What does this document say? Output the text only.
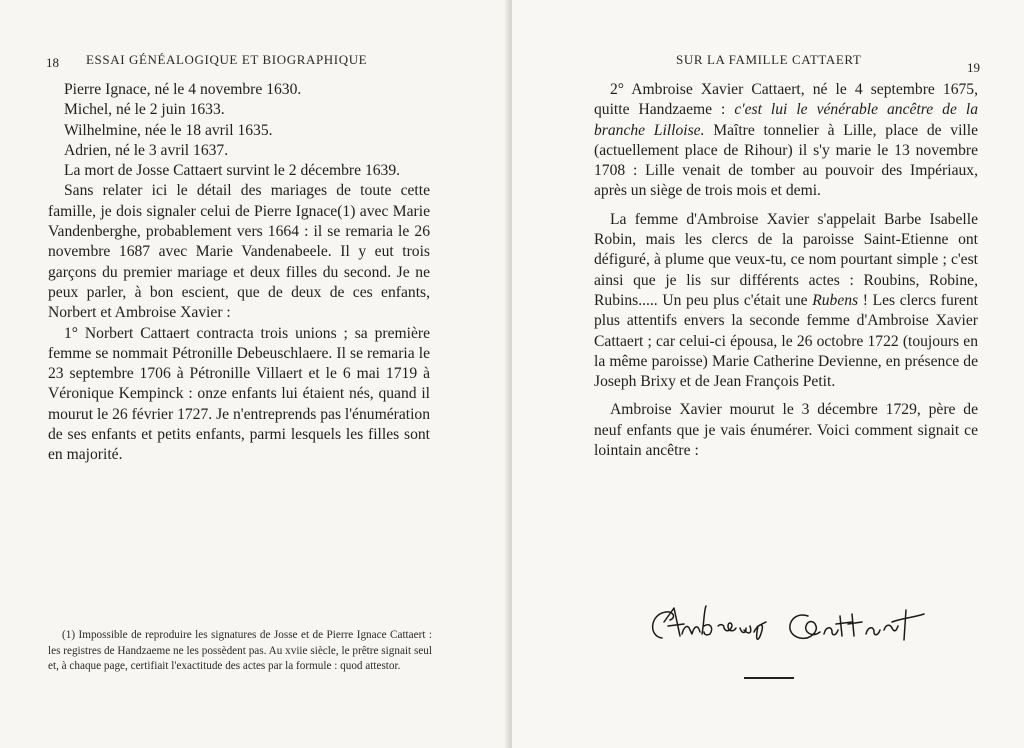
18 ESSAI GÉNÉALOGIQUE ET BIOGRAPHIQUE

Pierre Ignace, né le 4 novembre 1630.

Michel, né le 2 juin 1633.

Wilhelmine, née le 18 avril 1635.

Adrien, né le 3 avril 1637.

La mort de Josse Cattaert survint le 2 décembre 1639.

Sans relater ici le détail des mariages de toute cette famille, je dois signaler celui de Pierre Ignace(1) avec Marie Vandenberghe, probablement vers 1664 : il se remaria le 26 novembre 1687 avec Marie Vandenabeele. Il y eut trois garçons du premier mariage et deux filles du second. Je ne peux parler, à bon escient, que de deux de ces enfants, Norbert et Ambroise Xavier :

1° Norbert Cattaert contracta trois unions ; sa première femme se nommait Pétronille Debeuschlaere. Il se remaria le 23 septembre 1706 à Pétronille Villaert et le 6 mai 1719 à Véronique Kempinck : onze enfants lui étaient nés, quand il mourut le 26 février 1727. Je n'entreprends pas l'énumération de ses enfants et petits enfants, parmi lesquels les filles sont en majorité.

(1) Impossible de reproduire les signatures de Josse et de Pierre Ignace Cattaert : les registres de Handzaeme ne les possèdent pas. Au xviie siècle, le prêtre signait seul et, à chaque page, certifiait l'exactitude des actes par la formule : quod attestor.
SUR LA FAMILLE CATTAERT
19

2° Ambroise Xavier Cattaert, né le 4 septembre 1675, quitte Handzaeme : c'est lui le vénérable ancêtre de la branche Lilloise. Maître tonnelier à Lille, place de ville (actuellement place de Rihour) il s'y marie le 13 novembre 1708 : Lille venait de tomber au pouvoir des Impériaux, après un siège de trois mois et demi.

La femme d'Ambroise Xavier s'appelait Barbe Isabelle Robin, mais les clercs de la paroisse Saint-Etienne ont défiguré, à plume que veux-tu, ce nom pourtant simple ; c'est ainsi que je lis sur différents actes : Roubins, Robine, Rubins..... Un peu plus c'était une Rubens ! Les clercs furent plus attentifs envers la seconde femme d'Ambroise Xavier Cattaert ; car celui-ci épousa, le 26 octobre 1722 (toujours en la même paroisse) Marie Catherine Devienne, en présence de Joseph Brixy et de Jean François Petit.

Ambroise Xavier mourut le 3 décembre 1729, père de neuf enfants que je vais énumérer. Voici comment signait ce lointain ancêtre :
